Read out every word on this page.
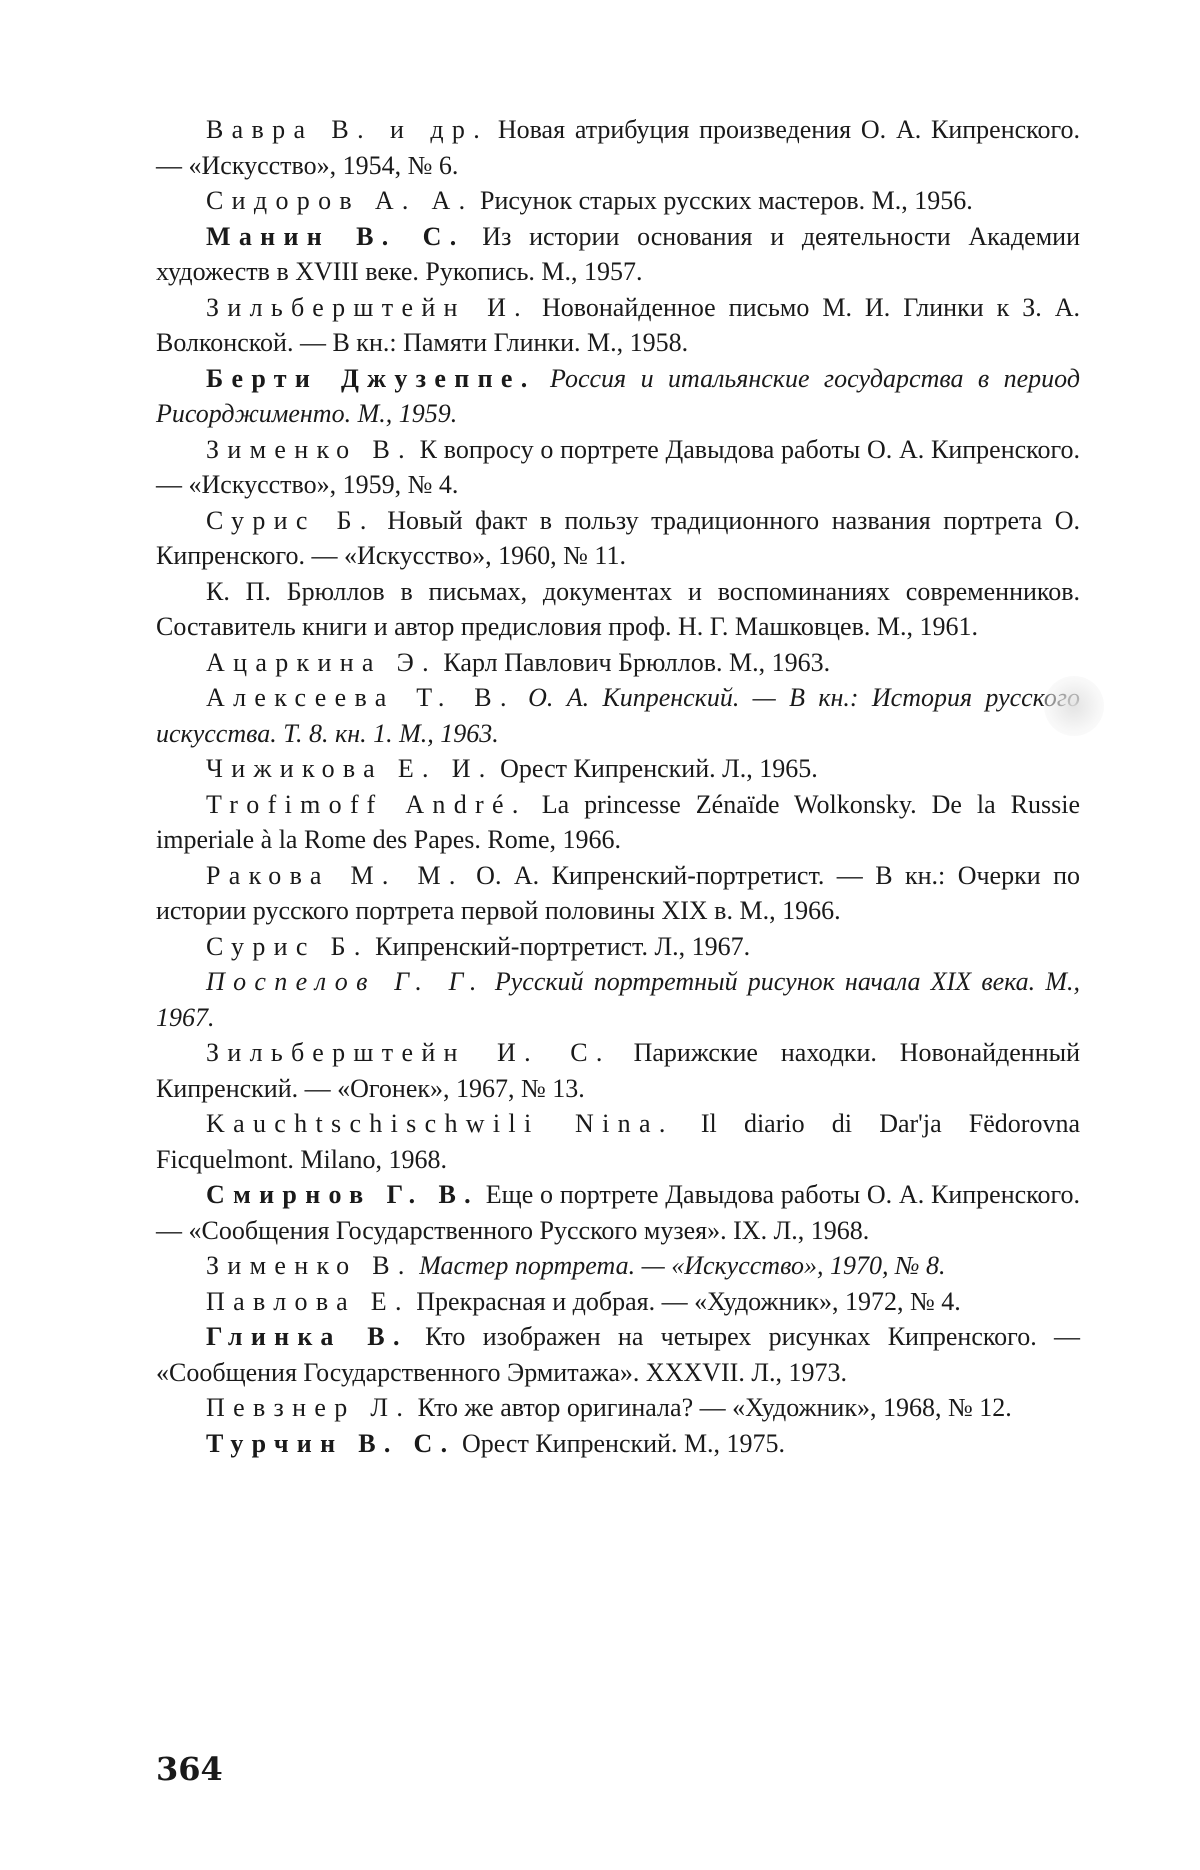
Вавра В. и др. Новая атрибуция произведения О. А. Кипренского. — «Искусство», 1954, № 6.

Сидоров А. А. Рисунок старых русских мастеров. М., 1956.

Манин В. С. Из истории основания и деятельности Академии художеств в XVIII веке. Рукопись. М., 1957.

Зильберштейн И. Новонайденное письмо М. И. Глинки к З. А. Волконской. — В кн.: Памяти Глинки. М., 1958.

Берти Джузеппе. Россия и итальянские государства в период Рисорджименто. М., 1959.

Зименко В. К вопросу о портрете Давыдова работы О. А. Кипренского. — «Искусство», 1959, № 4.

Сурис Б. Новый факт в пользу традиционного названия портрета О. Кипренского. — «Искусство», 1960, № 11.

К. П. Брюллов в письмах, документах и воспоминаниях современников. Составитель книги и автор предисловия проф. Н. Г. Машковцев. М., 1961.

Ацаркина Э. Карл Павлович Брюллов. М., 1963.

Алексеева Т. В. О. А. Кипренский. — В кн.: История русского искусства. Т. 8. кн. 1. М., 1963.

Чижикова Е. И. Орест Кипренский. Л., 1965.

Trofimoff André. La princesse Zénaïde Wolkonsky. De la Russie imperiale à la Rome des Papes. Rome, 1966.

Ракова М. М. О. А. Кипренский-портретист. — В кн.: Очерки по истории русского портрета первой половины XIX в. М., 1966.

Сурис Б. Кипренский-портретист. Л., 1967.

Поспелов Г. Г. Русский портретный рисунок начала XIX века. М., 1967.

Зильберштейн И. С. Парижские находки. Новонайденный Кипренский. — «Огонек», 1967, № 13.

Kauchtschischwili Nina. Il diario di Dar'ja Fëdorovna Ficquelmont. Milano, 1968.

Смирнов Г. В. Еще о портрете Давыдова работы О. А. Кипренского. — «Сообщения Государственного Русского музея». IX. Л., 1968.

Зименко В. Мастер портрета. — «Искусство», 1970, № 8.

Павлова Е. Прекрасная и добрая. — «Художник», 1972, № 4.

Глинка В. Кто изображен на четырех рисунках Кипренского. — «Сообщения Государственного Эрмитажа». XXXVII. Л., 1973.

Певзнер Л. Кто же автор оригинала? — «Художник», 1968, № 12.

Турчин В. С. Орест Кипренский. М., 1975.

364
